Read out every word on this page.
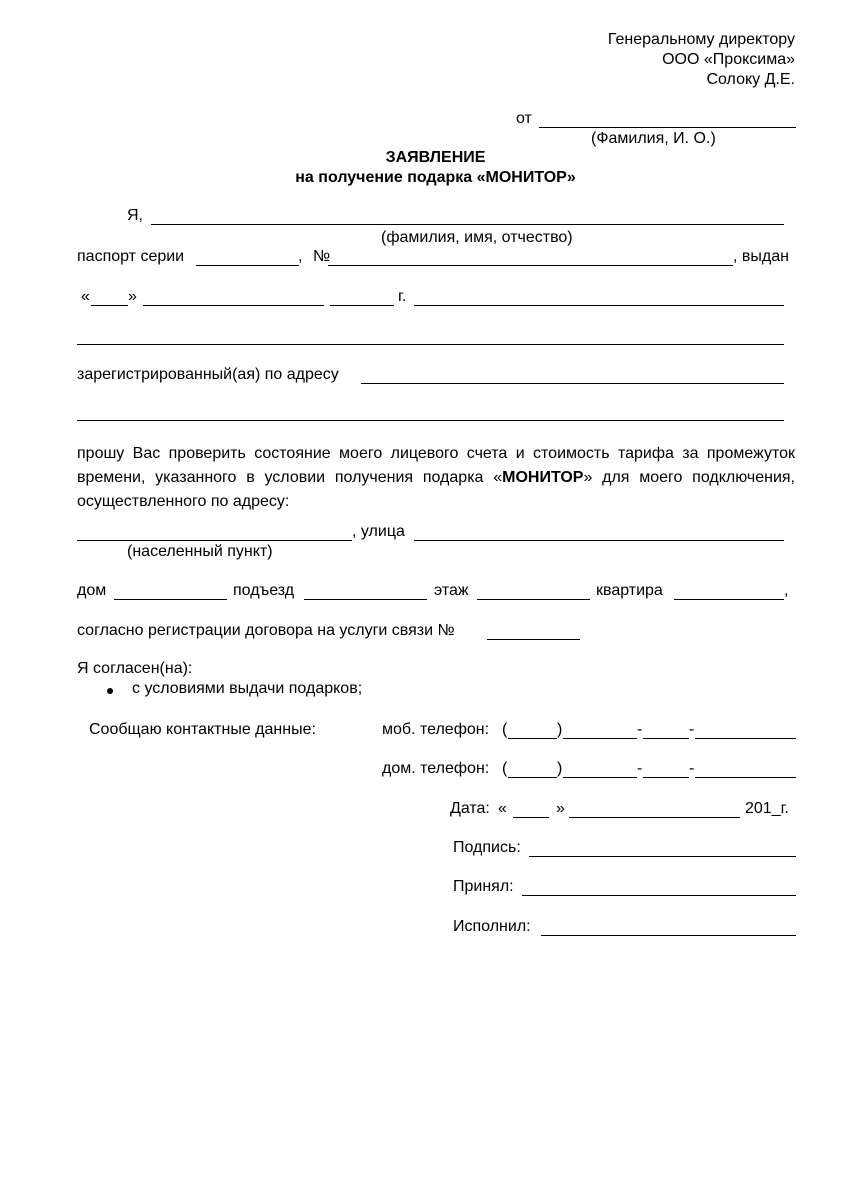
Генеральному директору
ООО «Проксима»
Солоку Д.Е.
от
(Фамилия, И. О.)
ЗАЯВЛЕНИЕ
на получение подарка «МОНИТОР»
Я,
(фамилия, имя, отчество)
паспорт серии	, №	, выдан
« »	г.
зарегистрированный(ая) по адресу
прошу Вас проверить состояние моего лицевого счета и стоимость тарифа за промежуток времени, указанного в условии получения подарка «МОНИТОР» для моего подключения, осуществленного по адресу:
, улица
(населенный пункт)
дом	подъезд	этаж	квартира	,
согласно регистрации договора на услуги связи №
Я согласен(на):
с условиями выдачи подарков;
Сообщаю контактные данные:	моб. телефон: (	)	-	-
дом. телефон: (	)	-	-
Дата: «	»	201_г.
Подпись:
Принял:
Исполнил:
